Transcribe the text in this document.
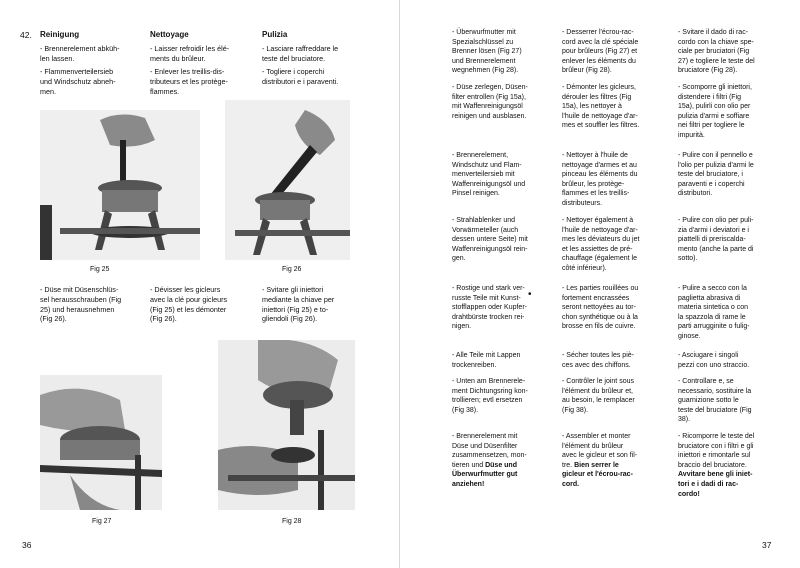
42. Reinigung
- Brennerelement abküh-
len lassen.
- Flammenverteilersieb
und Windschutz abneh-
men.
Nettoyage
- Laisser refroidir les élé-
ments du brûleur.
- Enlever les treillis-dis-
tributeurs et les protège-
flammes.
Pulizia
- Lasciare raffreddare le
teste del bruciatore.
- Togliere i coperchi
distributori e i paraventi.
Fig 25	Fig 26
- Düse mit Düsenschlüs-
sel herausschrauben (Fig
25) und herausnehmen
(Fig 26).
- Dévisser les gicleurs
avec la clé pour gicleurs
(Fig 25) et les démonter
(Fig 26).
- Svitare gli iniettori
mediante la chiave per
iniettori (Fig 25) e to-
gliendoli (Fig 26).
Fig 27	Fig 28
36
- Überwurfmutter mit
Spezialschlüssel zu
Brenner lösen (Fig 27)
und Brennerelement
wegnehmen (Fig 28).
- Düse zerlegen, Düsen-
filter entrollen (Fig 15a),
mit Waffenreinigungsöl
reinigen und ausblasen.
- Brennerelement,
Windschutz und Flam-
menverteilersieb mit
Waffenreinigungsöl und
Pinsel reinigen.
- Strahlablenker und
Vorwärmeteller (auch
dessen untere Seite) mit
Waffenreinigungsöl rein-
gen.
- Rostige und stark ver-
russte Teile mit Kunst-
stofflappen oder Kupfer-
drahtbürste trocken rei-
nigen.
- Alle Teile mit Lappen
trockenreiben.
- Unten am Brennerele-
ment Dichtungsring kon-
trollieren; evtl ersetzen
(Fig 38).
- Brennerelement mit
Düse und Düsenfilter
zusammensetzen, mon-
tieren und Düse und
Überwurfmutter gut
anziehen!
•
- Desserrer l'écrou-rac-
cord avec la clé spéciale
pour brûleurs (Fig 27) et
enlever les éléments du
brûleur (Fig 28).
- Démonter les gicleurs,
dérouler les filtres (Fig
15a), les nettoyer à
l'huile de nettoyage d'ar-
mes et souffler les filtres.
- Nettoyer à l'huile de
nettoyage d'armes et au
pinceau les éléments du
brûleur, les protège-
flammes et les treillis-
distributeurs.
- Nettoyer également à
l'huile de nettoyage d'ar-
mes les déviateurs du jet
et les assiettes de pré-
chauffage (également le
côté inférieur).
- Les parties rouillées ou
fortement encrassées
seront nettoyées au tor-
chon synthétique ou à la
brosse en fils de cuivre.
- Sécher toutes les piè-
ces avec des chiffons.
- Contrôler le joint sous
l'élément du brûleur et,
au besoin, le remplacer
(Fig 38).
- Assembler et monter
l'élément du brûleur
avec le gicleur et son fil-
tre. Bien serrer le
gicleur et l'écrou-rac-
cord.
- Svitare il dado di rac-
cordo con la chiave spe-
ciale per bruciatori (Fig
27) e togliere le teste del
bruciatore (Fig 28).
- Scomporre gli iniettori,
distendere i filtri (Fig
15a), pulirli con olio per
pulizia d'armi e soffiare
nei filtri per togliere le
impurità.
- Pulire con il pennello e
l'olio per pulizia d'armi le
teste del bruciatore, i
paraventi e i coperchi
distributori.
- Pulire con olio per puli-
zia d'armi i deviatori e i
piattelli di preriscalda-
mento (anche la parte di
sotto).
- Pulire a secco con la
paglietta abrasiva di
materia sintetica o con
la spazzola di rame le
parti arrugginite o fulig-
ginose.
- Asciugare i singoli
pezzi con uno straccio.
- Controllare e, se
necessario, sostituire la
guarnizione sotto le
teste del bruciatore (Fig
38).
- Ricomporre le teste del
bruciatore con i filtri e gli
iniettori e rimontarle sul
braccio del bruciatore.
Avvitare bene gli iniet-
tori e i dadi di rac-
cordo!
37
